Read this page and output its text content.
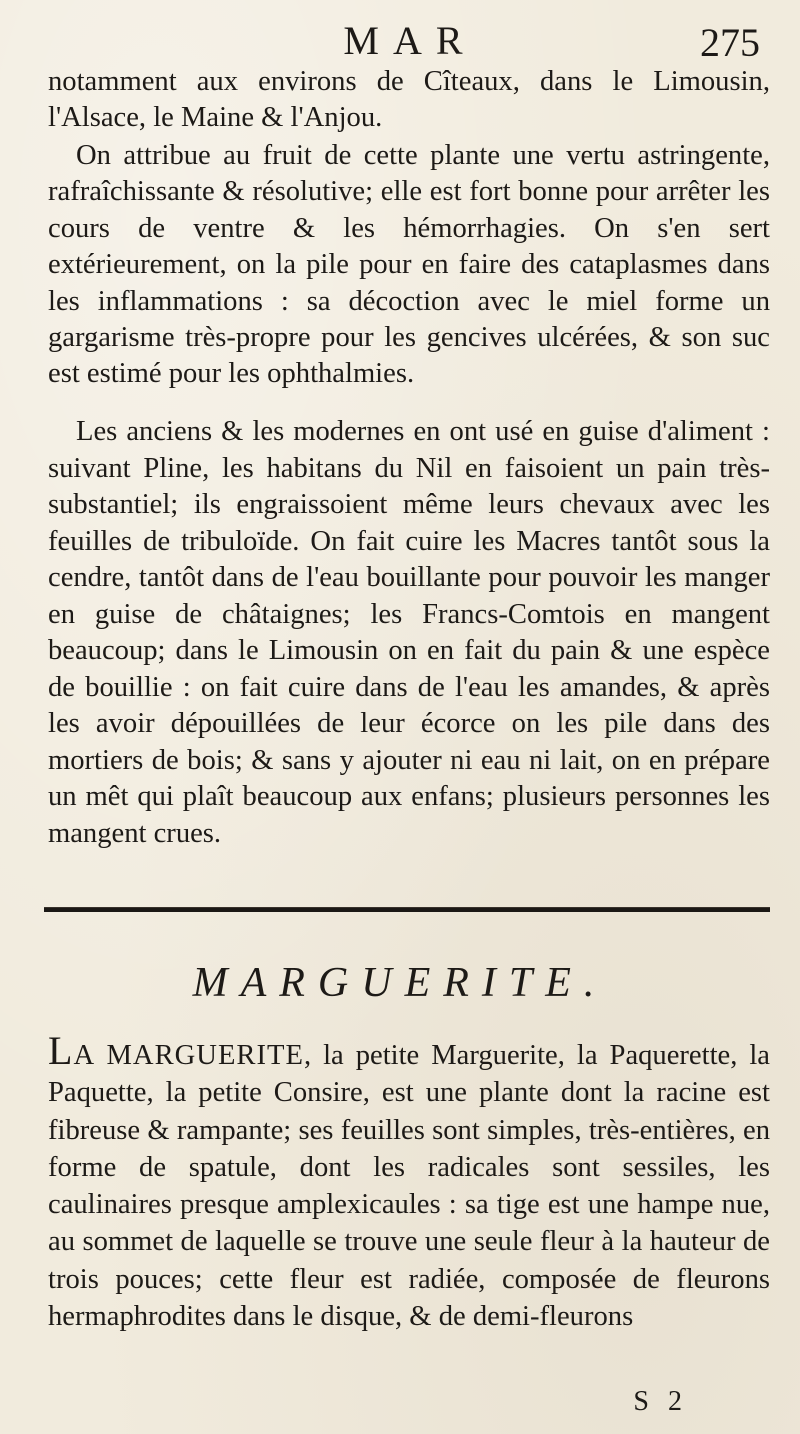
MAR	275

notamment aux environs de Cîteaux, dans le Limousin, l'Alsace, le Maine & l'Anjou.

On attribue au fruit de cette plante une vertu astringente, rafraîchissante & résolutive; elle est fort bonne pour arrêter les cours de ventre & les hémorrhagies. On s'en sert extérieurement, on la pile pour en faire des cataplasmes dans les inflammations : sa décoction avec le miel forme un gargarisme très-propre pour les gencives ulcérées, & son suc est estimé pour les ophthalmies.

Les anciens & les modernes en ont usé en guise d'aliment : suivant Pline, les habitans du Nil en faisoient un pain très-substantiel; ils engraissoient même leurs chevaux avec les feuilles de tribuloïde. On fait cuire les Macres tantôt sous la cendre, tantôt dans de l'eau bouillante pour pouvoir les manger en guise de châtaignes; les Francs-Comtois en mangent beaucoup; dans le Limousin on en fait du pain & une espèce de bouillie : on fait cuire dans de l'eau les amandes, & après les avoir dépouillées de leur écorce on les pile dans des mortiers de bois; & sans y ajouter ni eau ni lait, on en prépare un mêt qui plaît beaucoup aux enfans; plusieurs personnes les mangent crues.

MARGUERITE.

LA MARGUERITE, la petite Marguerite, la Paquerette, la Paquette, la petite Consire, est une plante dont la racine est fibreuse & rampante; ses feuilles sont simples, très-entières, en forme de spatule, dont les radicales sont sessiles, les caulinaires presque amplexicaules : sa tige est une hampe nue, au sommet de laquelle se trouve une seule fleur à la hauteur de trois pouces; cette fleur est radiée, composée de fleurons hermaphrodites dans le disque, & de demi-fleurons

S 2
